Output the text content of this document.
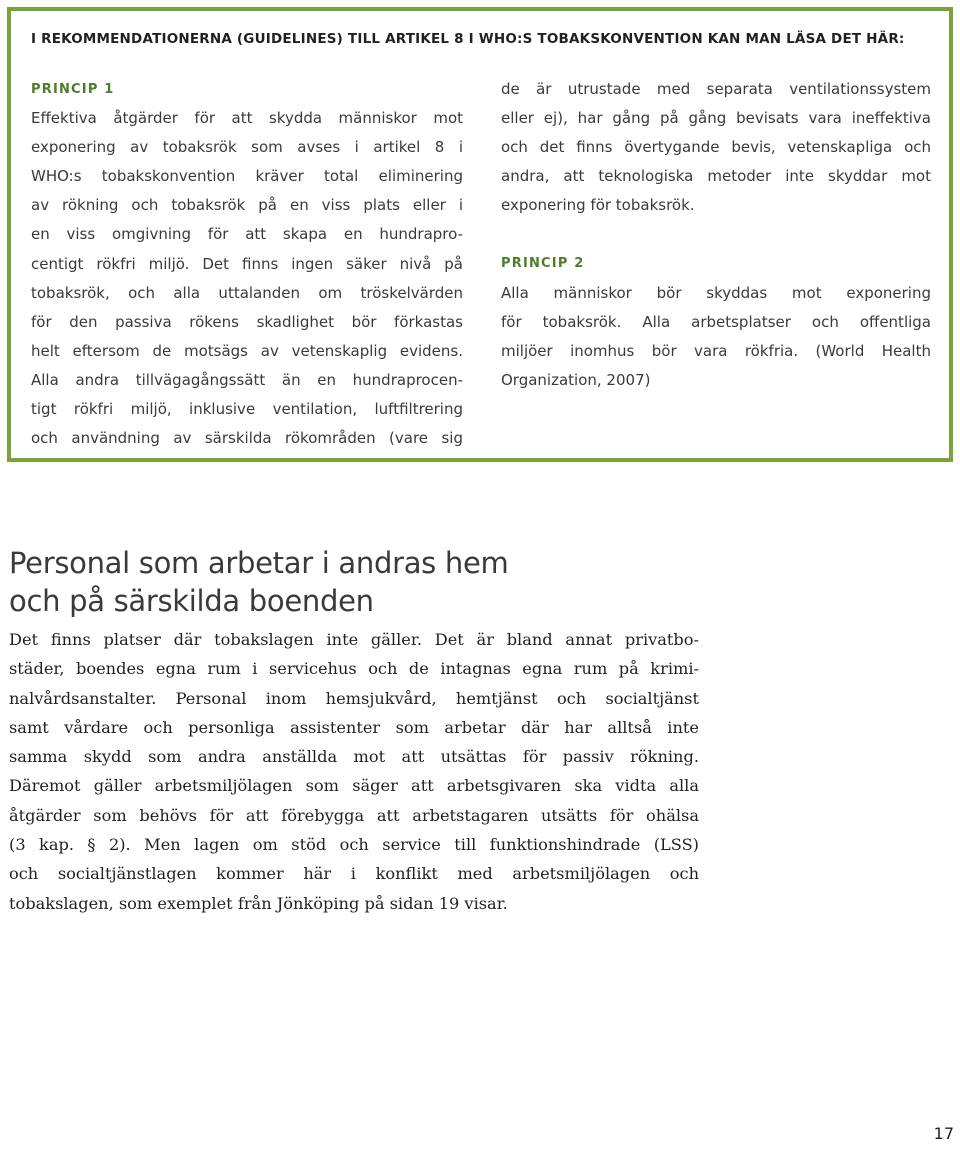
I REKOMMENDATIONERNA (GUIDELINES) TILL ARTIKEL 8 I WHO:S TOBAKSKONVENTION KAN MAN LÄSA DET HÄR:
PRINCIP 1
Effektiva åtgärder för att skydda människor mot
exponering av tobaksrök som avses i artikel 8 i
WHO:s tobakskonvention kräver total eliminering
av rökning och tobaksrök på en viss plats eller i
en viss omgivning för att skapa en hundrapro-
centigt rökfri miljö. Det finns ingen säker nivå på
tobaksrök, och alla uttalanden om tröskelvärden
för den passiva rökens skadlighet bör förkastas
helt eftersom de motsägs av vetenskaplig evidens.
Alla andra tillvägagångssätt än en hundraprocen-
tigt rökfri miljö, inklusive ventilation, luftfiltrering
och användning av särskilda rökområden (vare sig
de är utrustade med separata ventilationssystem
eller ej), har gång på gång bevisats vara ineffektiva
och det finns övertygande bevis, vetenskapliga och
andra, att teknologiska metoder inte skyddar mot
exponering för tobaksrök.
PRINCIP 2
Alla människor bör skyddas mot exponering
för tobaksrök. Alla arbetsplatser och offentliga
miljöer inomhus bör vara rökfria. (World Health
Organization, 2007)
Personal som arbetar i andras hem
och på särskilda boenden
Det finns platser där tobakslagen inte gäller. Det är bland annat privatbo-
städer, boendes egna rum i servicehus och de intagnas egna rum på krimi-
nalvårdsanstalter. Personal inom hemsjukvård, hemtjänst och socialtjänst
samt vårdare och personliga assistenter som arbetar där har alltså inte
samma skydd som andra anställda mot att utsättas för passiv rökning.
Däremot gäller arbetsmiljölagen som säger att arbetsgivaren ska vidta alla
åtgärder som behövs för att förebygga att arbetstagaren utsätts för ohälsa
(3 kap. § 2). Men lagen om stöd och service till funktionshindrade (LSS)
och socialtjänstlagen kommer här i konflikt med arbetsmiljölagen och
tobakslagen, som exemplet från Jönköping på sidan 19 visar.
17
